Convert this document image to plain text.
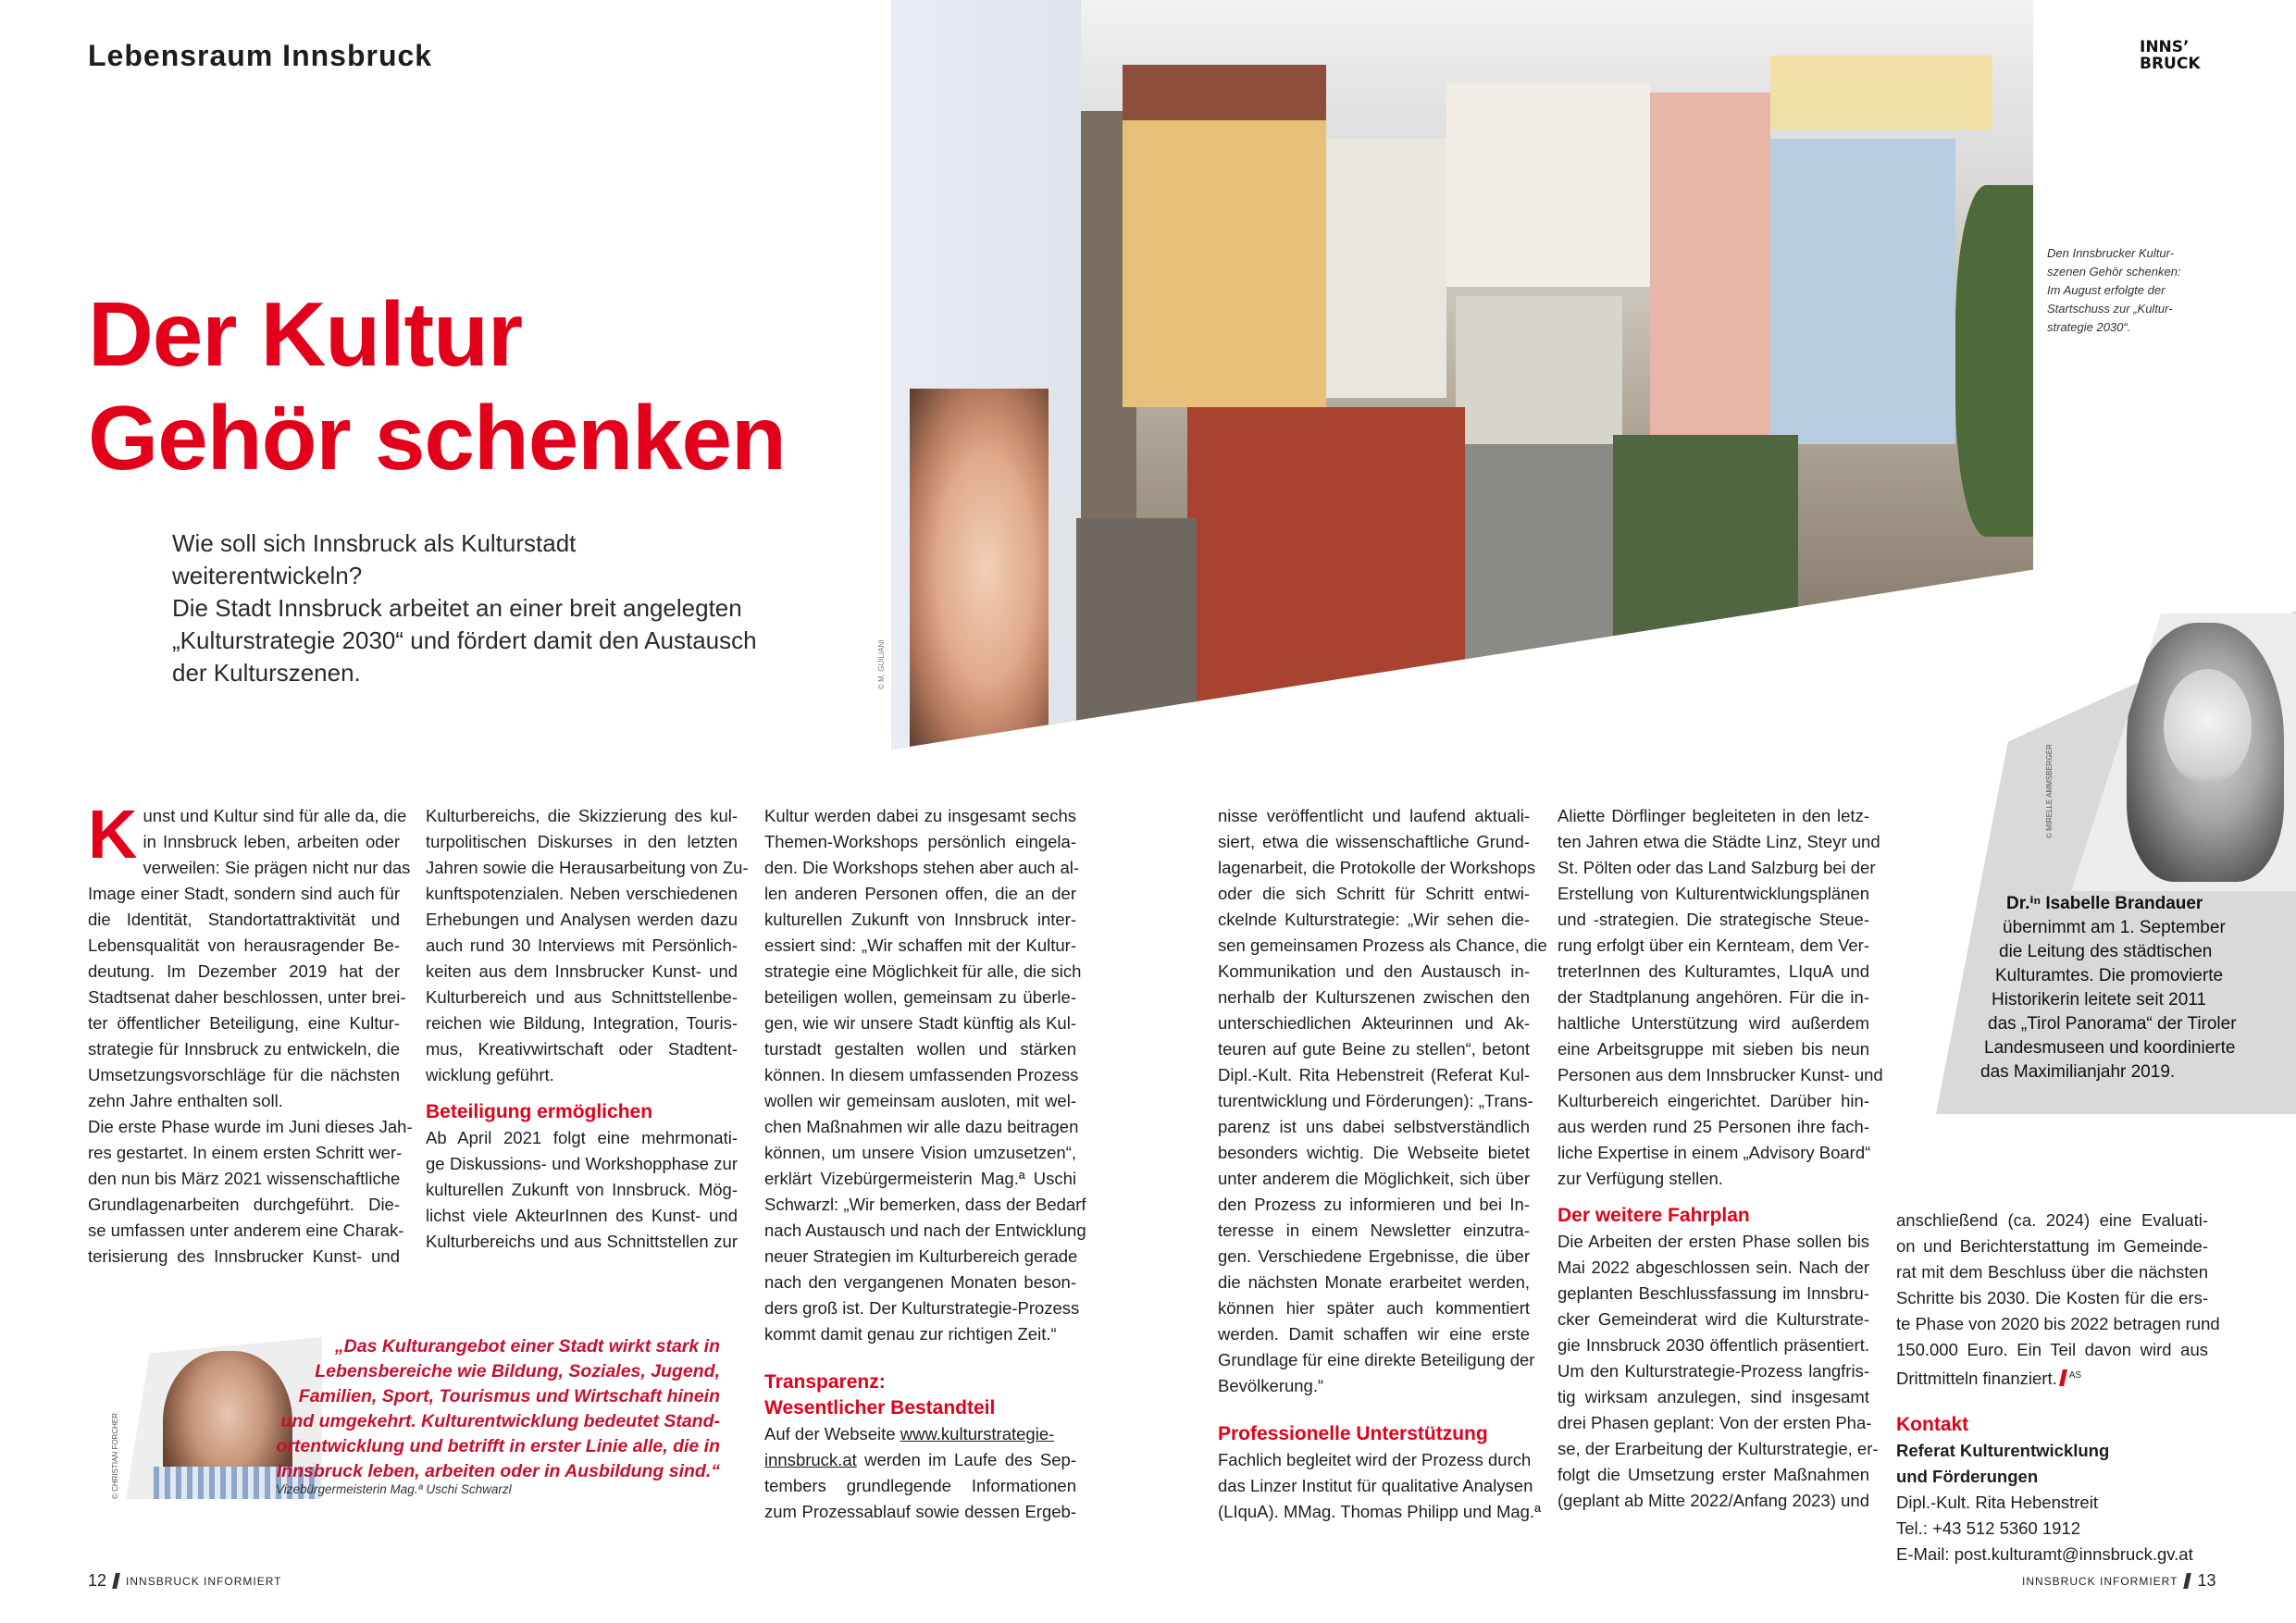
Lebensraum Innsbruck	INNS’
BRUCK
Der Kultur
Gehör schenken
Wie soll sich Innsbruck als Kulturstadt weiterentwickeln?
Die Stadt Innsbruck arbeitet an einer breit angelegten
„Kulturstrategie 2030“ und fördert damit den Austausch
der Kulturszenen.	© M. GUILIANI
Den Innsbrucker Kultur-
szenen Gehör schenken:
Im August erfolgte der
Startschuss zur „Kultur-
strategie 2030“.
© MIRELLE AMMSBERGER
Dr.ⁱⁿ Isabelle Brandauer
übernimmt am 1. September
die Leitung des städtischen
Kulturamtes. Die promovierte
Historikerin leitete seit 2011
das „Tirol Panorama“ der Tiroler
Landesmuseen und koordinierte
das Maximilianjahr 2019.
K unst und Kultur sind für alle da, die
in Innsbruck leben, arbeiten oder
verweilen: Sie prägen nicht nur das
Image einer Stadt, sondern sind auch für
die Identität, Standortattraktivität und
Lebensqualität von herausragender Be-
deutung. Im Dezember 2019 hat der
Stadtsenat daher beschlossen, unter brei-
ter öffentlicher Beteiligung, eine Kultur-
strategie für Innsbruck zu entwickeln, die
Umsetzungsvorschläge für die nächsten
zehn Jahre enthalten soll.
Die erste Phase wurde im Juni dieses Jah-
res gestartet. In einem ersten Schritt wer-
den nun bis März 2021 wissenschaftliche
Grundlagenarbeiten durchgeführt. Die-
se umfassen unter anderem eine Charak-
terisierung des Innsbrucker Kunst- und
Kulturbereichs, die Skizzierung des kul-
turpolitischen Diskurses in den letzten
Jahren sowie die Herausarbeitung von Zu-
kunftspotenzialen. Neben verschiedenen
Erhebungen und Analysen werden dazu
auch rund 30 Interviews mit Persönlich-
keiten aus dem Innsbrucker Kunst- und
Kulturbereich und aus Schnittstellenbe-
reichen wie Bildung, Integration, Touris-
mus, Kreativwirtschaft oder Stadtent-
wicklung geführt.
Beteiligung ermöglichen
Ab April 2021 folgt eine mehrmonati-
ge Diskussions- und Workshopphase zur
kulturellen Zukunft von Innsbruck. Mög-
lichst viele AkteurInnen des Kunst- und
Kulturbereichs und aus Schnittstellen zur
Kultur werden dabei zu insgesamt sechs
Themen-Workshops persönlich eingela-
den. Die Workshops stehen aber auch al-
len anderen Personen offen, die an der
kulturellen Zukunft von Innsbruck inter-
essiert sind: „Wir schaffen mit der Kultur-
strategie eine Möglichkeit für alle, die sich
beteiligen wollen, gemeinsam zu überle-
gen, wie wir unsere Stadt künftig als Kul-
turstadt gestalten wollen und stärken
können. In diesem umfassenden Prozess
wollen wir gemeinsam ausloten, mit wel-
chen Maßnahmen wir alle dazu beitragen
können, um unsere Vision umzusetzen“,
erklärt Vizebürgermeisterin Mag.ª Uschi
Schwarzl: „Wir bemerken, dass der Bedarf
nach Austausch und nach der Entwicklung
neuer Strategien im Kulturbereich gerade
nach den vergangenen Monaten beson-
ders groß ist. Der Kulturstrategie-Prozess
kommt damit genau zur richtigen Zeit.“
Transparenz:
Wesentlicher Bestandteil
Auf der Webseite www.kulturstrategie-
innsbruck.at werden im Laufe des Sep-
tembers grundlegende Informationen
zum Prozessablauf sowie dessen Ergeb-
nisse veröffentlicht und laufend aktuali-
siert, etwa die wissenschaftliche Grund-
lagenarbeit, die Protokolle der Workshops
oder die sich Schritt für Schritt entwi-
ckelnde Kulturstrategie: „Wir sehen die-
sen gemeinsamen Prozess als Chance, die
Kommunikation und den Austausch in-
nerhalb der Kulturszenen zwischen den
unterschiedlichen Akteurinnen und Ak-
teuren auf gute Beine zu stellen“, betont
Dipl.-Kult. Rita Hebenstreit (Referat Kul-
turentwicklung und Förderungen): „Trans-
parenz ist uns dabei selbstverständlich
besonders wichtig. Die Webseite bietet
unter anderem die Möglichkeit, sich über
den Prozess zu informieren und bei In-
teresse in einem Newsletter einzutra-
gen. Verschiedene Ergebnisse, die über
die nächsten Monate erarbeitet werden,
können hier später auch kommentiert
werden. Damit schaffen wir eine erste
Grundlage für eine direkte Beteiligung der
Bevölkerung.“
Professionelle Unterstützung
Fachlich begleitet wird der Prozess durch
das Linzer Institut für qualitative Analysen
(LIquA). MMag. Thomas Philipp und Mag.ª
Aliette Dörflinger begleiteten in den letz-
ten Jahren etwa die Städte Linz, Steyr und
St. Pölten oder das Land Salzburg bei der
Erstellung von Kulturentwicklungsplänen
und -strategien. Die strategische Steue-
rung erfolgt über ein Kernteam, dem Ver-
treterInnen des Kulturamtes, LIquA und
der Stadtplanung angehören. Für die in-
haltliche Unterstützung wird außerdem
eine Arbeitsgruppe mit sieben bis neun
Personen aus dem Innsbrucker Kunst- und
Kulturbereich eingerichtet. Darüber hin-
aus werden rund 25 Personen ihre fach-
liche Expertise in einem „Advisory Board“
zur Verfügung stellen.
Der weitere Fahrplan
Die Arbeiten der ersten Phase sollen bis
Mai 2022 abgeschlossen sein. Nach der
geplanten Beschlussfassung im Innsbru-
cker Gemeinderat wird die Kulturstrate-
gie Innsbruck 2030 öffentlich präsentiert.
Um den Kulturstrategie-Prozess langfris-
tig wirksam anzulegen, sind insgesamt
drei Phasen geplant: Von der ersten Pha-
se, der Erarbeitung der Kulturstrategie, er-
folgt die Umsetzung erster Maßnahmen
(geplant ab Mitte 2022/Anfang 2023) und
anschließend (ca. 2024) eine Evaluati-
on und Berichterstattung im Gemeinde-
rat mit dem Beschluss über die nächsten
Schritte bis 2030. Die Kosten für die ers-
te Phase von 2020 bis 2022 betragen rund
150.000 Euro. Ein Teil davon wird aus
Drittmitteln finanziert. $^{AS}$
Kontakt
Referat Kulturentwicklung
und Förderungen
Dipl.-Kult. Rita Hebenstreit
Tel.: +43 512 5360 1912
E-Mail: post.kulturamt@innsbruck.gv.at
© CHRISTIAN FORCHER
„Das Kulturangebot einer Stadt wirkt stark in
Lebensbereiche wie Bildung, Soziales, Jugend,
Familien, Sport, Tourismus und Wirtschaft hinein
und umgekehrt. Kulturentwicklung bedeutet Stand-
ortentwicklung und betrifft in erster Linie alle, die in
Innsbruck leben, arbeiten oder in Ausbildung sind.“
Vizebürgermeisterin Mag.ª Uschi Schwarzl
12 INNSBRUCK INFORMIERT	INNSBRUCK INFORMIERT 13
